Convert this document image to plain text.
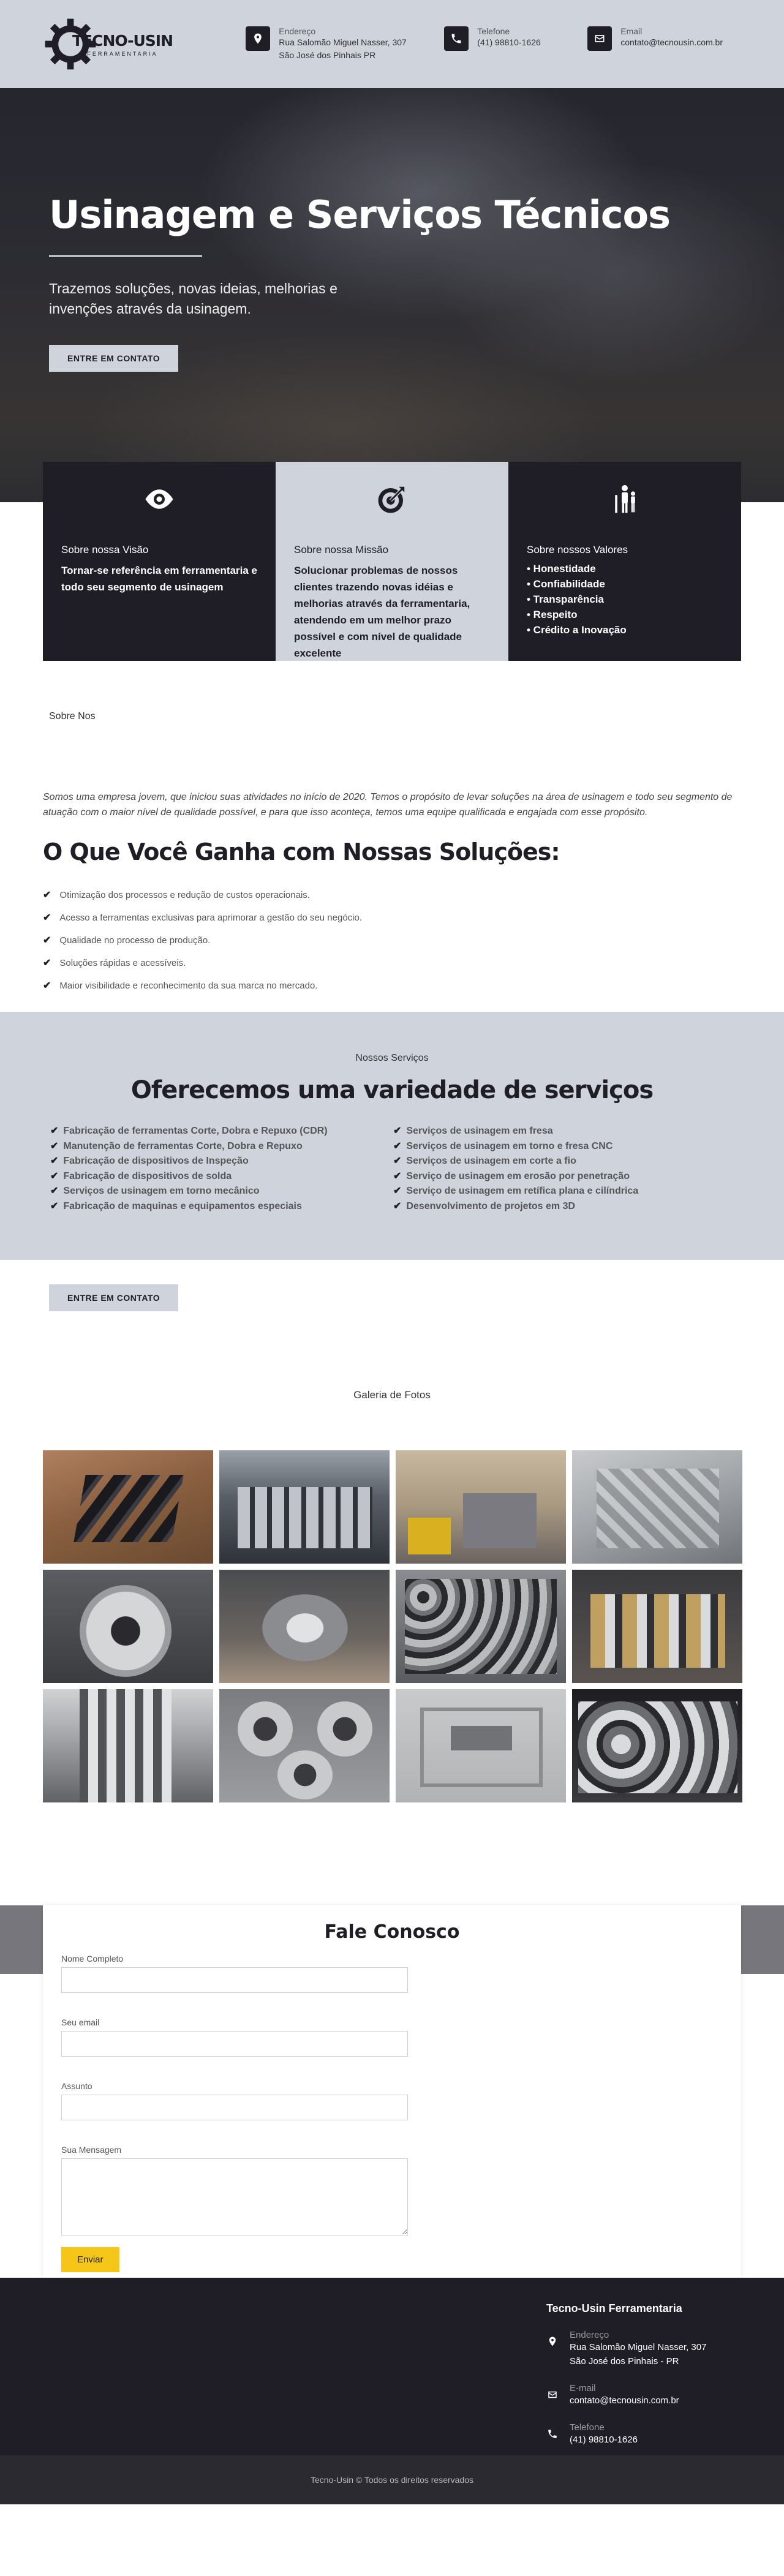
TECNO-USIN
FERRAMENTARIA
Endereço
Rua Salomão Miguel Nasser, 307
São José dos Pinhais PR
Telefone
(41) 98810-1626
Email
contato@tecnousin.com.br
Usinagem e Serviços Técnicos

Trazemos soluções, novas ideias, melhorias e invenções através da usinagem.

ENTRE EM CONTATO
Sobre nossa Visão
Tornar-se referência em ferramentaria e todo seu segmento de usinagem
Sobre nossa Missão
Solucionar problemas de nossos clientes trazendo novas idéias e melhorias através da ferramentaria, atendendo em um melhor prazo possível e com nível de qualidade excelente
Sobre nossos Valores
• Honestidade
• Confiabilidade
• Transparência
• Respeito
• Crédito a Inovação
Sobre Nos

Somos uma empresa jovem, que iniciou suas atividades no início de 2020. Temos o propósito de levar soluções na área de usinagem e todo seu segmento de atuação com o maior nível de qualidade possível, e para que isso aconteça, temos uma equipe qualificada e engajada com esse propósito.

O Que Você Ganha com Nossas Soluções:
✔ Otimização dos processos e redução de custos operacionais.
✔ Acesso a ferramentas exclusivas para aprimorar a gestão do seu negócio.
✔ Qualidade no processo de produção.
✔ Soluções rápidas e acessíveis.
✔ Maior visibilidade e reconhecimento da sua marca no mercado.
Nossos Serviços
Oferecemos uma variedade de serviços
✔ Fabricação de ferramentas Corte, Dobra e Repuxo (CDR)
✔ Manutenção de ferramentas Corte, Dobra e Repuxo
✔ Fabricação de dispositivos de Inspeção
✔ Fabricação de dispositivos de solda
✔ Serviços de usinagem em torno mecânico
✔ Fabricação de maquinas e equipamentos especiais
✔ Serviços de usinagem em fresa
✔ Serviços de usinagem em torno e fresa CNC
✔ Serviços de usinagem em corte a fio
✔ Serviço de usinagem em erosão por penetração
✔ Serviço de usinagem em retífica plana e cilíndrica
✔ Desenvolvimento de projetos em 3D
ENTRE EM CONTATO
Galeria de Fotos
Fale Conosco
Nome Completo
Seu email
Assunto
Sua Mensagem
Enviar
Tecno-Usin Ferramentaria
Endereço
Rua Salomão Miguel Nasser, 307
São José dos Pinhais - PR
E-mail
contato@tecnousin.com.br
Telefone
(41) 98810-1626
Tecno-Usin © Todos os direitos reservados
